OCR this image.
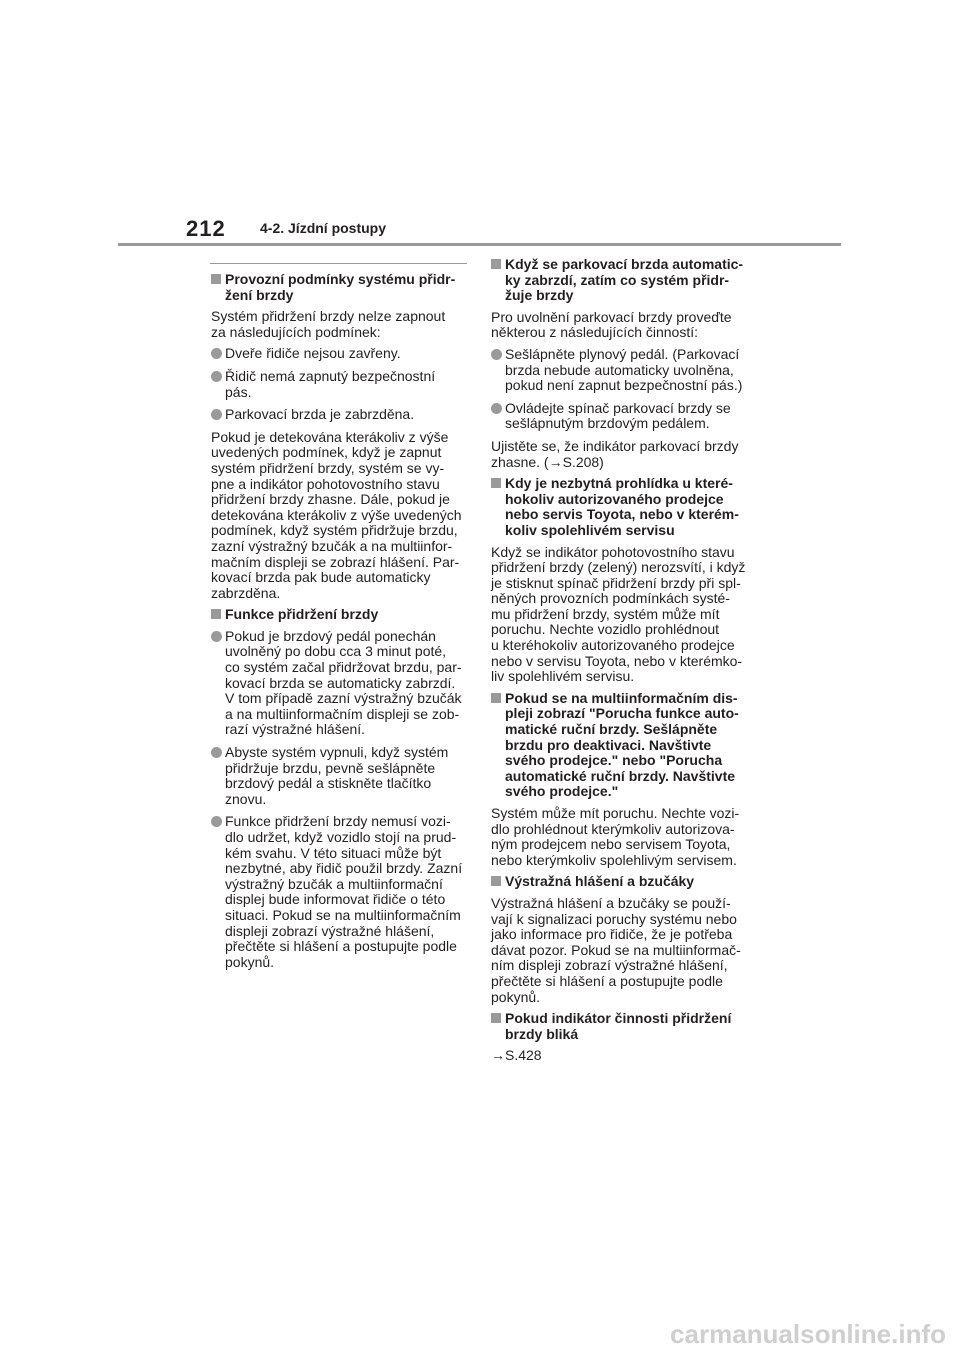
212 4-2. Jízdní postupy
Provozní podmínky systému přidr-
žení brzdy
Systém přidržení brzdy nelze zapnout
za následujících podmínek:
Dveře řidiče nejsou zavřeny.
Řidič nemá zapnutý bezpečnostní
pás.
Parkovací brzda je zabrzděna.
Pokud je detekována kterákoliv z výše
uvedených podmínek, když je zapnut
systém přidržení brzdy, systém se vy-
pne a indikátor pohotovostního stavu
přidržení brzdy zhasne. Dále, pokud je
detekována kterákoliv z výše uvedených
podmínek, když systém přidržuje brzdu,
zazní výstražný bzučák a na multiinfor-
mačním displeji se zobrazí hlášení. Par-
kovací brzda pak bude automaticky
zabrzděna.
Funkce přidržení brzdy
Pokud je brzdový pedál ponechán
uvolněný po dobu cca 3 minut poté,
co systém začal přidržovat brzdu, par-
kovací brzda se automaticky zabrzdí.
V tom případě zazní výstražný bzučák
a na multiinformačním displeji se zob-
razí výstražné hlášení.
Abyste systém vypnuli, když systém
přidržuje brzdu, pevně sešlápněte
brzdový pedál a stiskněte tlačítko
znovu.
Funkce přidržení brzdy nemusí vozi-
dlo udržet, když vozidlo stojí na prud-
kém svahu. V této situaci může být
nezbytné, aby řidič použil brzdy. Zazní
výstražný bzučák a multiinformační
displej bude informovat řidiče o této
situaci. Pokud se na multiinformačním
displeji zobrazí výstražné hlášení,
přečtěte si hlášení a postupujte podle
pokynů.
Když se parkovací brzda automatic-
ky zabrzdí, zatím co systém přidr-
žuje brzdy
Pro uvolnění parkovací brzdy proveďte
některou z následujících činností:
Sešlápněte plynový pedál. (Parkovací
brzda nebude automaticky uvolněna,
pokud není zapnut bezpečnostní pás.)
Ovládejte spínač parkovací brzdy se
sešlápnutým brzdovým pedálem.
Ujistěte se, že indikátor parkovací brzdy
zhasne. (→S.208)
Kdy je nezbytná prohlídka u které-
hokoliv autorizovaného prodejce
nebo servis Toyota, nebo v kterém-
koliv spolehlivém servisu
Když se indikátor pohotovostního stavu
přidržení brzdy (zelený) nerozsvítí, i když
je stisknut spínač přidržení brzdy při spl-
něných provozních podmínkách systé-
mu přidržení brzdy, systém může mít
poruchu. Nechte vozidlo prohlédnout
u kteréhokoliv autorizovaného prodejce
nebo v servisu Toyota, nebo v kterémko-
liv spolehlivém servisu.
Pokud se na multiinformačním dis-
pleji zobrazí "Porucha funkce auto-
matické ruční brzdy. Sešlápněte
brzdu pro deaktivaci. Navštivte
svého prodejce." nebo "Porucha
automatické ruční brzdy. Navštivte
svého prodejce."
Systém může mít poruchu. Nechte vozi-
dlo prohlédnout kterýmkoliv autorizova-
ným prodejcem nebo servisem Toyota,
nebo kterýmkoliv spolehlivým servisem.
Výstražná hlášení a bzučáky
Výstražná hlášení a bzučáky se použí-
vají k signalizaci poruchy systému nebo
jako informace pro řidiče, že je potřeba
dávat pozor. Pokud se na multiinformač-
ním displeji zobrazí výstražné hlášení,
přečtěte si hlášení a postupujte podle
pokynů.
Pokud indikátor činnosti přidržení
brzdy bliká
→S.428
carmanualsonline.info
